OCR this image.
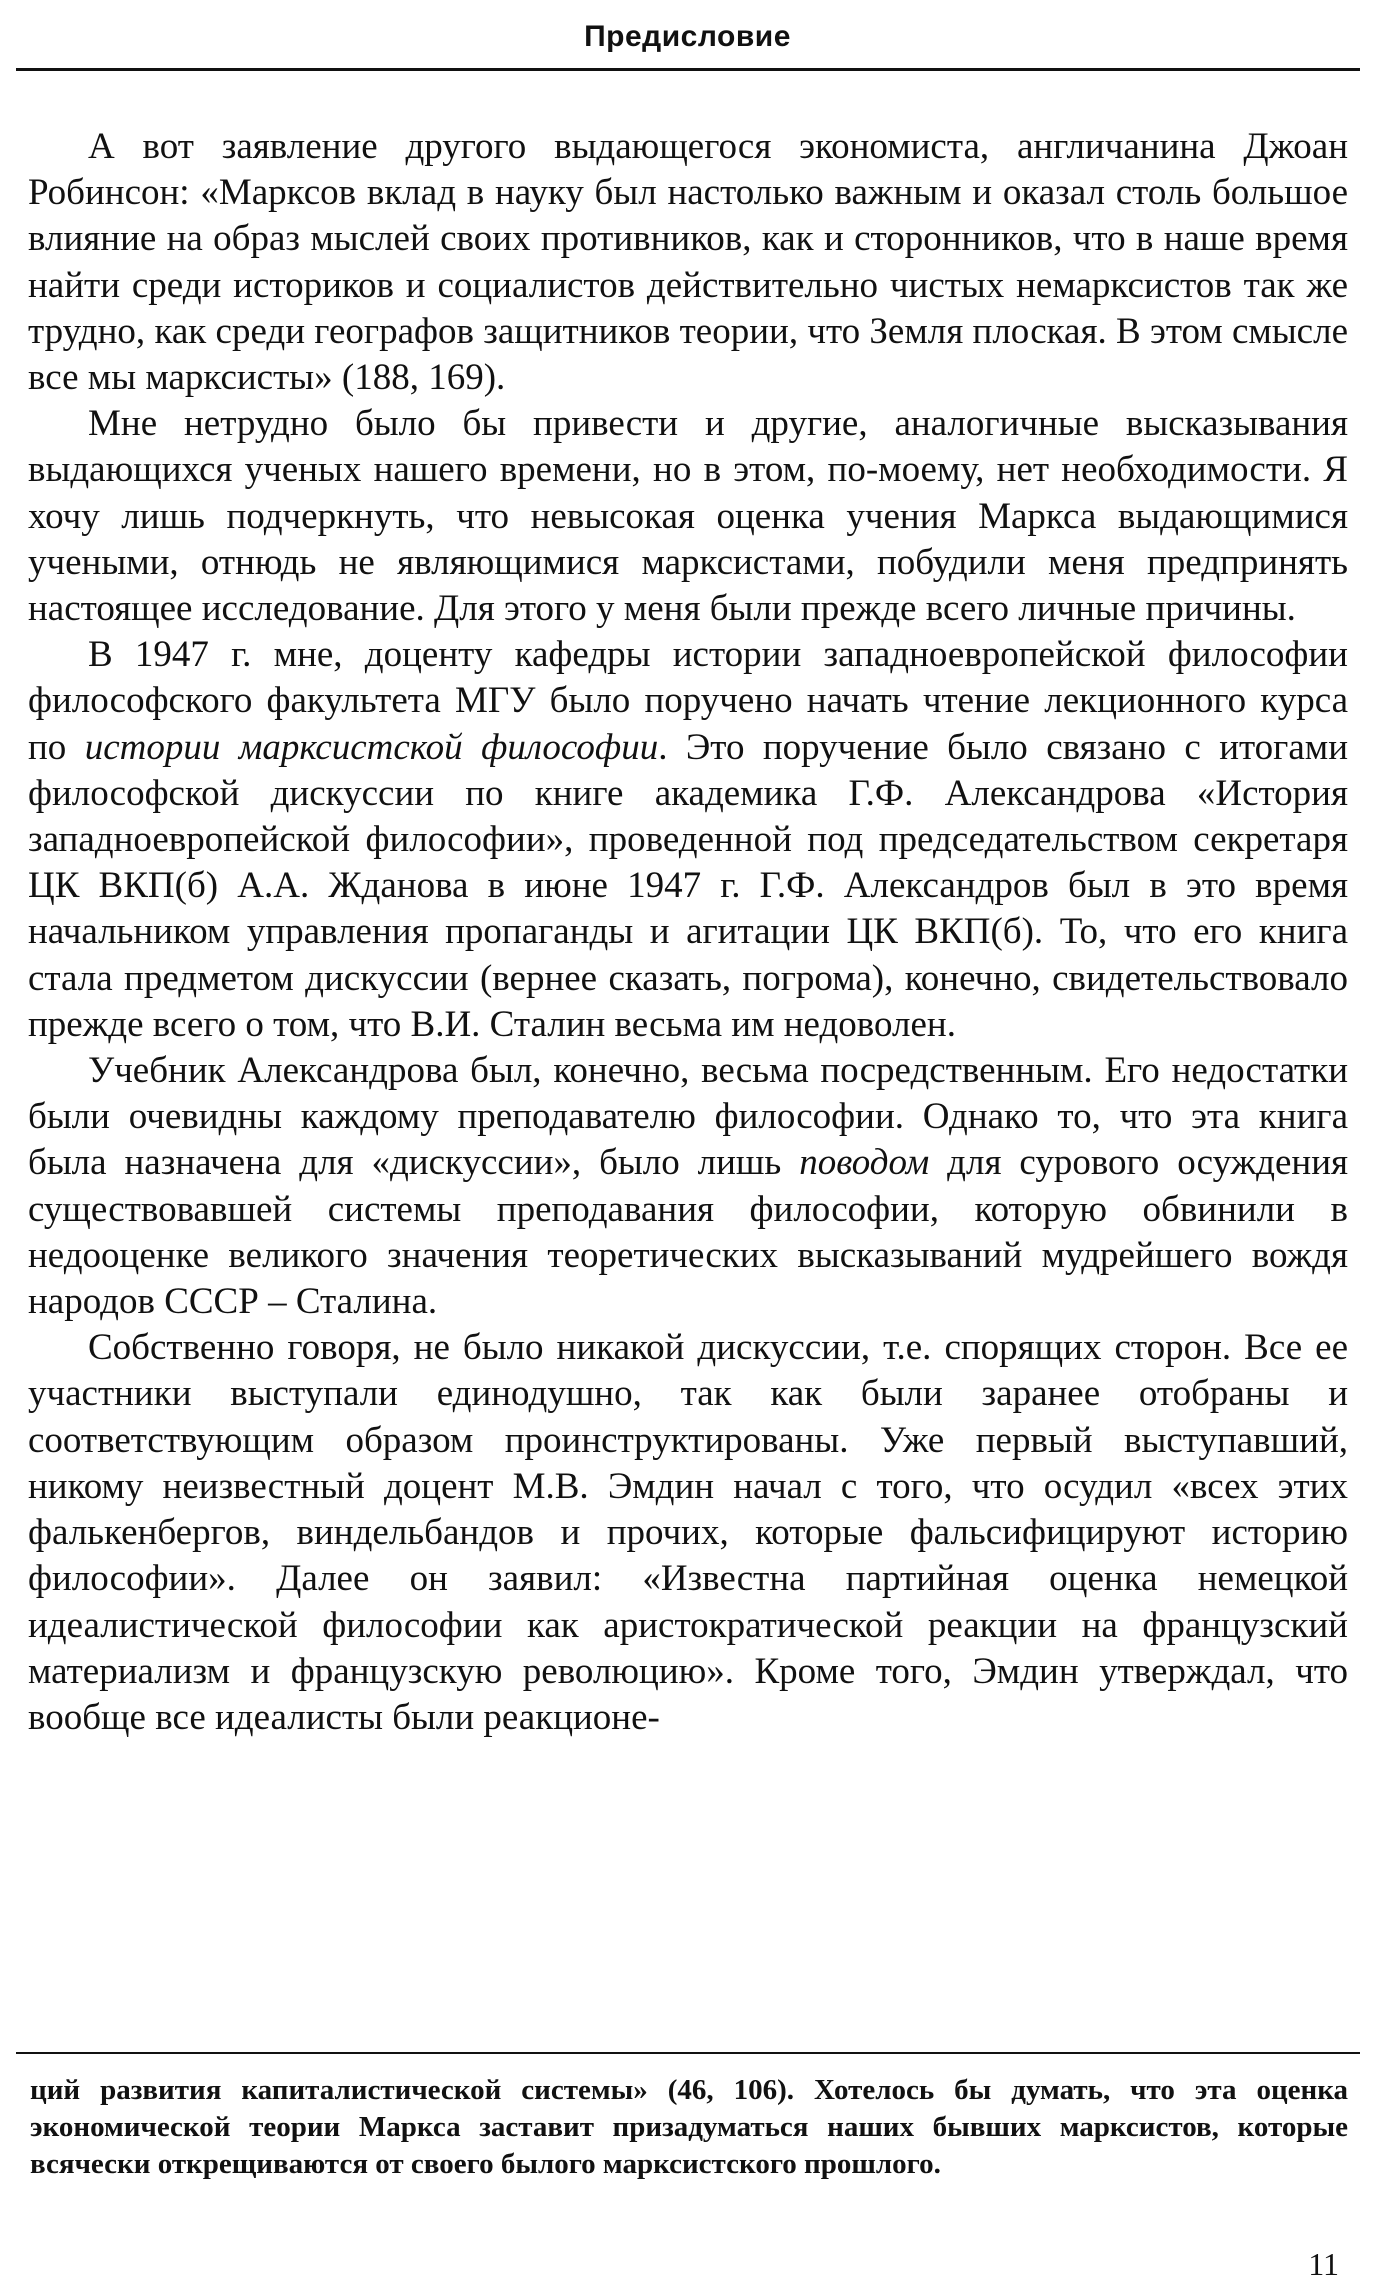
Предисловие

А вот заявление другого выдающегося экономиста, англичанина Джоан Робинсон: «Марксов вклад в науку был настолько важным и оказал столь большое влияние на образ мыслей своих противников, как и сторонников, что в наше время найти среди историков и социалистов действительно чистых немарксистов так же трудно, как среди географов защитников теории, что Земля плоская. В этом смысле все мы марксисты» (188, 169).

Мне нетрудно было бы привести и другие, аналогичные высказывания выдающихся ученых нашего времени, но в этом, по-моему, нет необходимости. Я хочу лишь подчеркнуть, что невысокая оценка учения Маркса выдающимися учеными, отнюдь не являющимися марксистами, побудили меня предпринять настоящее исследование. Для этого у меня были прежде всего личные причины.

В 1947 г. мне, доценту кафедры истории западноевропейской философии философского факультета МГУ было поручено начать чтение лекционного курса по истории марксистской философии. Это поручение было связано с итогами философской дискуссии по книге академика Г.Ф. Александрова «История западноевропейской философии», проведенной под председательством секретаря ЦК ВКП(б) А.А. Жданова в июне 1947 г. Г.Ф. Александров был в это время начальником управления пропаганды и агитации ЦК ВКП(б). То, что его книга стала предметом дискуссии (вернее сказать, погрома), конечно, свидетельствовало прежде всего о том, что В.И. Сталин весьма им недоволен.

Учебник Александрова был, конечно, весьма посредственным. Его недостатки были очевидны каждому преподавателю философии. Однако то, что эта книга была назначена для «дискуссии», было лишь поводом для сурового осуждения существовавшей системы преподавания философии, которую обвинили в недооценке великого значения теоретических высказываний мудрейшего вождя народов СССР – Сталина.

Собственно говоря, не было никакой дискуссии, т.е. спорящих сторон. Все ее участники выступали единодушно, так как были заранее отобраны и соответствующим образом проинструктированы. Уже первый выступавший, никому неизвестный доцент М.В. Эмдин начал с того, что осудил «всех этих фалькенбергов, виндельбандов и прочих, которые фальсифицируют историю философии». Далее он заявил: «Известна партийная оценка немецкой идеалистической философии как аристократической реакции на французский материализм и французскую революцию». Кроме того, Эмдин утверждал, что вообще все идеалисты были реакционе-

ций развития капиталистической системы» (46, 106). Хотелось бы думать, что эта оценка экономической теории Маркса заставит призадуматься наших бывших марксистов, которые всячески открещиваются от своего былого марксистского прошлого.

11
